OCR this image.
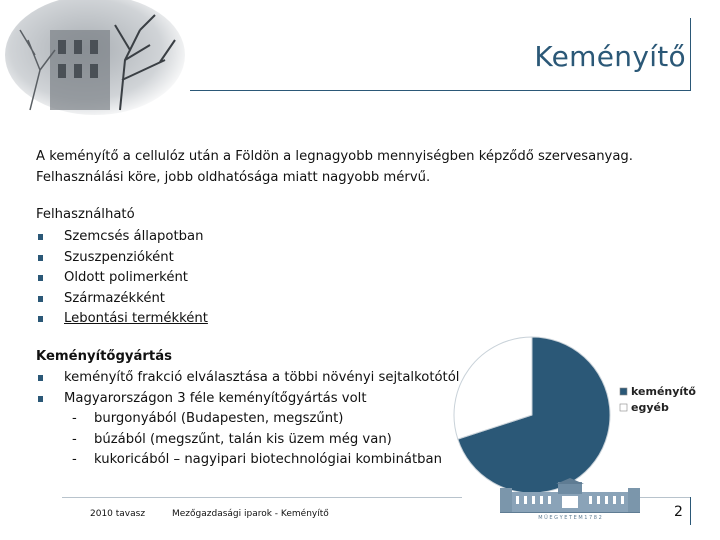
Keményítő
A keményítő a cellulóz után a Földön a legnagyobb mennyiségben képződő szervesanyag.
Felhasználási köre, jobb oldhatósága miatt nagyobb mérvű.
Felhasználható
Szemcsés állapotban
Szuszpenzióként
Oldott polimerként
Származékként
Lebontási termékként
Keményítőgyártás
keményítő frakció elválasztása a többi növényi sejtalkotótól
Magyarországon 3 féle keményítőgyártás volt
- burgonyából (Budapesten, megszűnt)
- búzából (megszűnt, talán kis üzem még van)
- kukoricából – nagyipari biotechnológiai kombinátban
keményítő
egyéb
2010 tavasz	Mezőgazdasági iparok - Keményítő	M Ű E G Y E T E M 1 7 8 2	2
